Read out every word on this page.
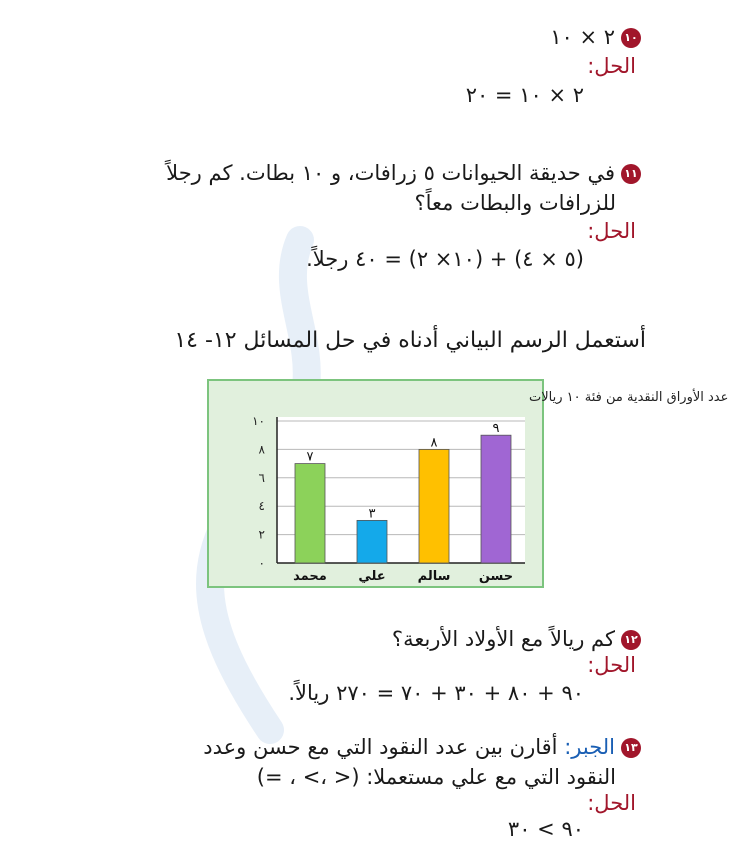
١٠٢ × ١٠
الحل:
٢ × ١٠ = ٢٠
١١في حديقة الحيوانات ٥ زرافات، و ١٠ بطات. كم رجلاً
للزرافات والبطات معاً؟
الحل:
(٥ × ٤) + (١٠× ٢) = ٤٠ رجلاً.
أستعمل الرسم البياني أدناه في حل المسائل ١٢- ١٤
عدد الأوراق النقدية من فئة ١٠ ريالات
٠
٢
٤
٦
٨
١٠
٧
محمد
٣
علي
٨
سالم
٩
حسن
١٢كم ريالاً مع الأولاد الأربعة؟
الحل:
٩٠ + ٨٠ + ٣٠ + ٧٠ = ٢٧٠ ريالاً.
١٣الجبر: أقارن بين عدد النقود التي مع حسن وعدد
النقود التي مع علي مستعملا: (< ،> ، =)
الحل:
٩٠ > ٣٠
